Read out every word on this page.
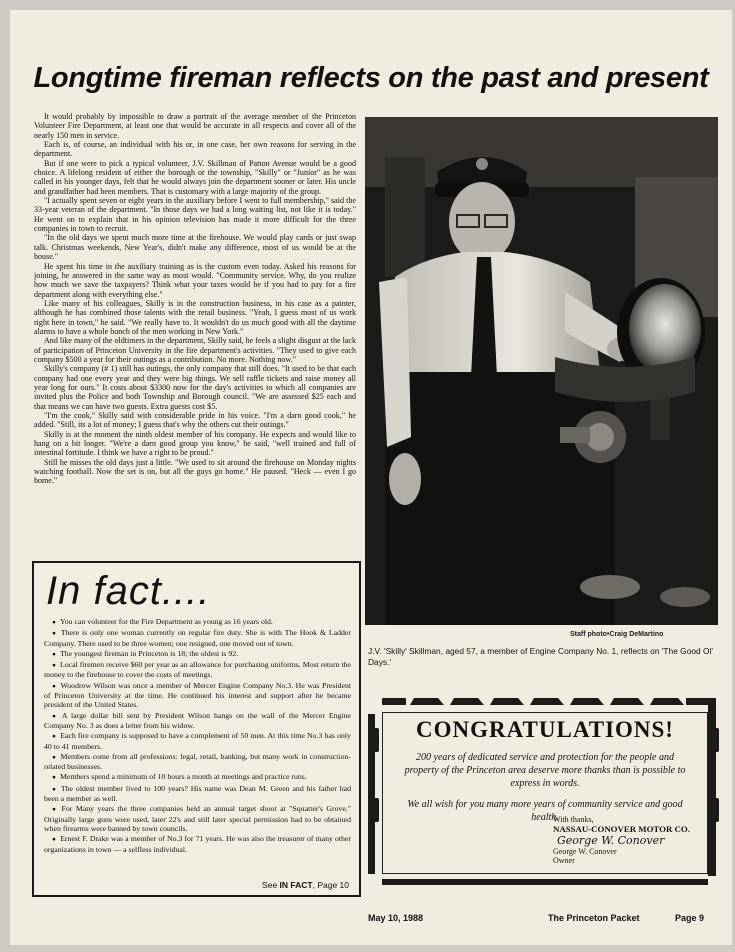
Longtime fireman reflects on the past and present

It would probably by impossible to draw a portrait of the average member of the Princeton Volunteer Fire Department, at least one that would be accurate in all respects and cover all of the nearly 150 men in service.

Each is, of course, an individual with his or, in one case, her own reasons for serving in the department.

But if one were to pick a typical volunteer, J.V. Skillman of Patton Avenue would be a good choice. A lifelong resident of either the borough or the township, "Skilly" or "Junior" as he was called in his younger days, felt that he would always join the department sooner or later. His uncle and grandfather had been members. That is customary with a large majority of the group.

"I actually spent seven or eight years in the auxiliary before I went to full membership," said the 33-year veteran of the department. "In those days we had a long waiting list, not like it is today." He went on to explain that in his opinion television has made it more difficult for the three companies in town to recruit.

"In the old days we spent much more time at the firehouse. We would play cards or just swap talk. Christmas weekends, New Year's, didn't make any difference, most of us would be at the house."

He spent his time in the auxiliary training as is the custom even today. Asked his reasons for joining, he answered in the same way as most would. "Community service. Why, do you realize how much we save the taxpayers? Think what your taxes would be if you had to pay for a fire department along with everything else."

Like many of his colleagues, Skilly is in the construction business, in his case as a painter, although he has combined those talents with the retail business. "Yeah, I guess most of us work right here in town," he said. "We really have to. It wouldn't do us much good with all the daytime alarms to have a whole bunch of the men working in New York."

And like many of the oldtimers in the department, Skilly said, he feels a slight disgust at the lack of participation of Princeton University in the fire department's activities. "They used to give each company $500 a year for their outings as a contribution. No more. Nothing now."

Skilly's company (# 1) still has outings, the only company that still does. "It used to be that each company had one every year and they were big things. We sell raffle tickets and raise money all year long for ours." It costs about $3300 now for the day's activities to which all companies are invited plus the Police and both Township and Borough council. "We are assessed $25 each and that means we can have two guests. Extra guests cost $5.

"I'm the cook," Skilly said with considerable pride in his voice. "I'm a darn good cook," he added. "Still, its a lot of money; I guess that's why the others cut their outings."

Skilly is at the moment the ninth oldest member of his company. He expects and would like to hang on a bit longer. "We're a darn good group you know," he said, "well trained and full of intestinal fortitude. I think we have a right to be proud."

Still he misses the old days just a little. "We used to sit around the firehouse on Monday nights watching football. Now the set is on, but all the guys go home." He paused. "Heck — even I go home."

Staff photo•Craig DeMartino
J.V. 'Skilly' Skillman, aged 57, a member of Engine Company No. 1, reflects on 'The Good Ol' Days.'
In fact....
● You can volunteer for the Fire Department as young as 16 years old.
● There is only one woman currently on regular fire duty. She is with The Hook & Ladder Company. There used to be three women; one resigned, one moved out of town.
● The youngest fireman in Princeton is 18; the oldest is 92.
● Local firemen receive $60 per year as an allowance for purchasing uniforms. Most return the money to the firehouse to cover the costs of meetings.
● Woodrow Wilson was once a member of Mercer Engine Company No.3. He was President of Princeton University at the time. He continued his interest and support after he became president of the United States.
● A large dollar bill sent by President Wilson hangs on the wall of the Mercer Engine Company No. 3 as does a letter from his widow.
● Each fire company is supposed to have a complement of 50 men. At this time No.3 has only 40 to 41 members.
● Members come from all professions: legal, retail, banking, but many work in construction-related businesses.
● Members spend a minimum of 10 hours a month at meetings and practice runs.
● The oldest member lived to 100 years? His name was Dean M. Green and his father had been a member as well.
● For Many years the three companies held an annual target shoot at "Squatter's Grove." Originally large guns were used, later 22's and still later special permission had to be obtained when firearms were banned by town councils.
● Ernest F. Drake was a member of No.3 for 71 years. He was also the treasurer of many other organizations in town — a selfless individual.
See IN FACT, Page 10
CONGRATULATIONS!
200 years of dedicated service and protection for the people and property of the Princeton area deserve more thanks than is possible to express in words.
We all wish for you many more years of community service and good health.
With thanks,
NASSAU-CONOVER MOTOR CO.
George W. Conover
George W. Conover
Owner
May 10, 1988	The Princeton Packet	Page 9
